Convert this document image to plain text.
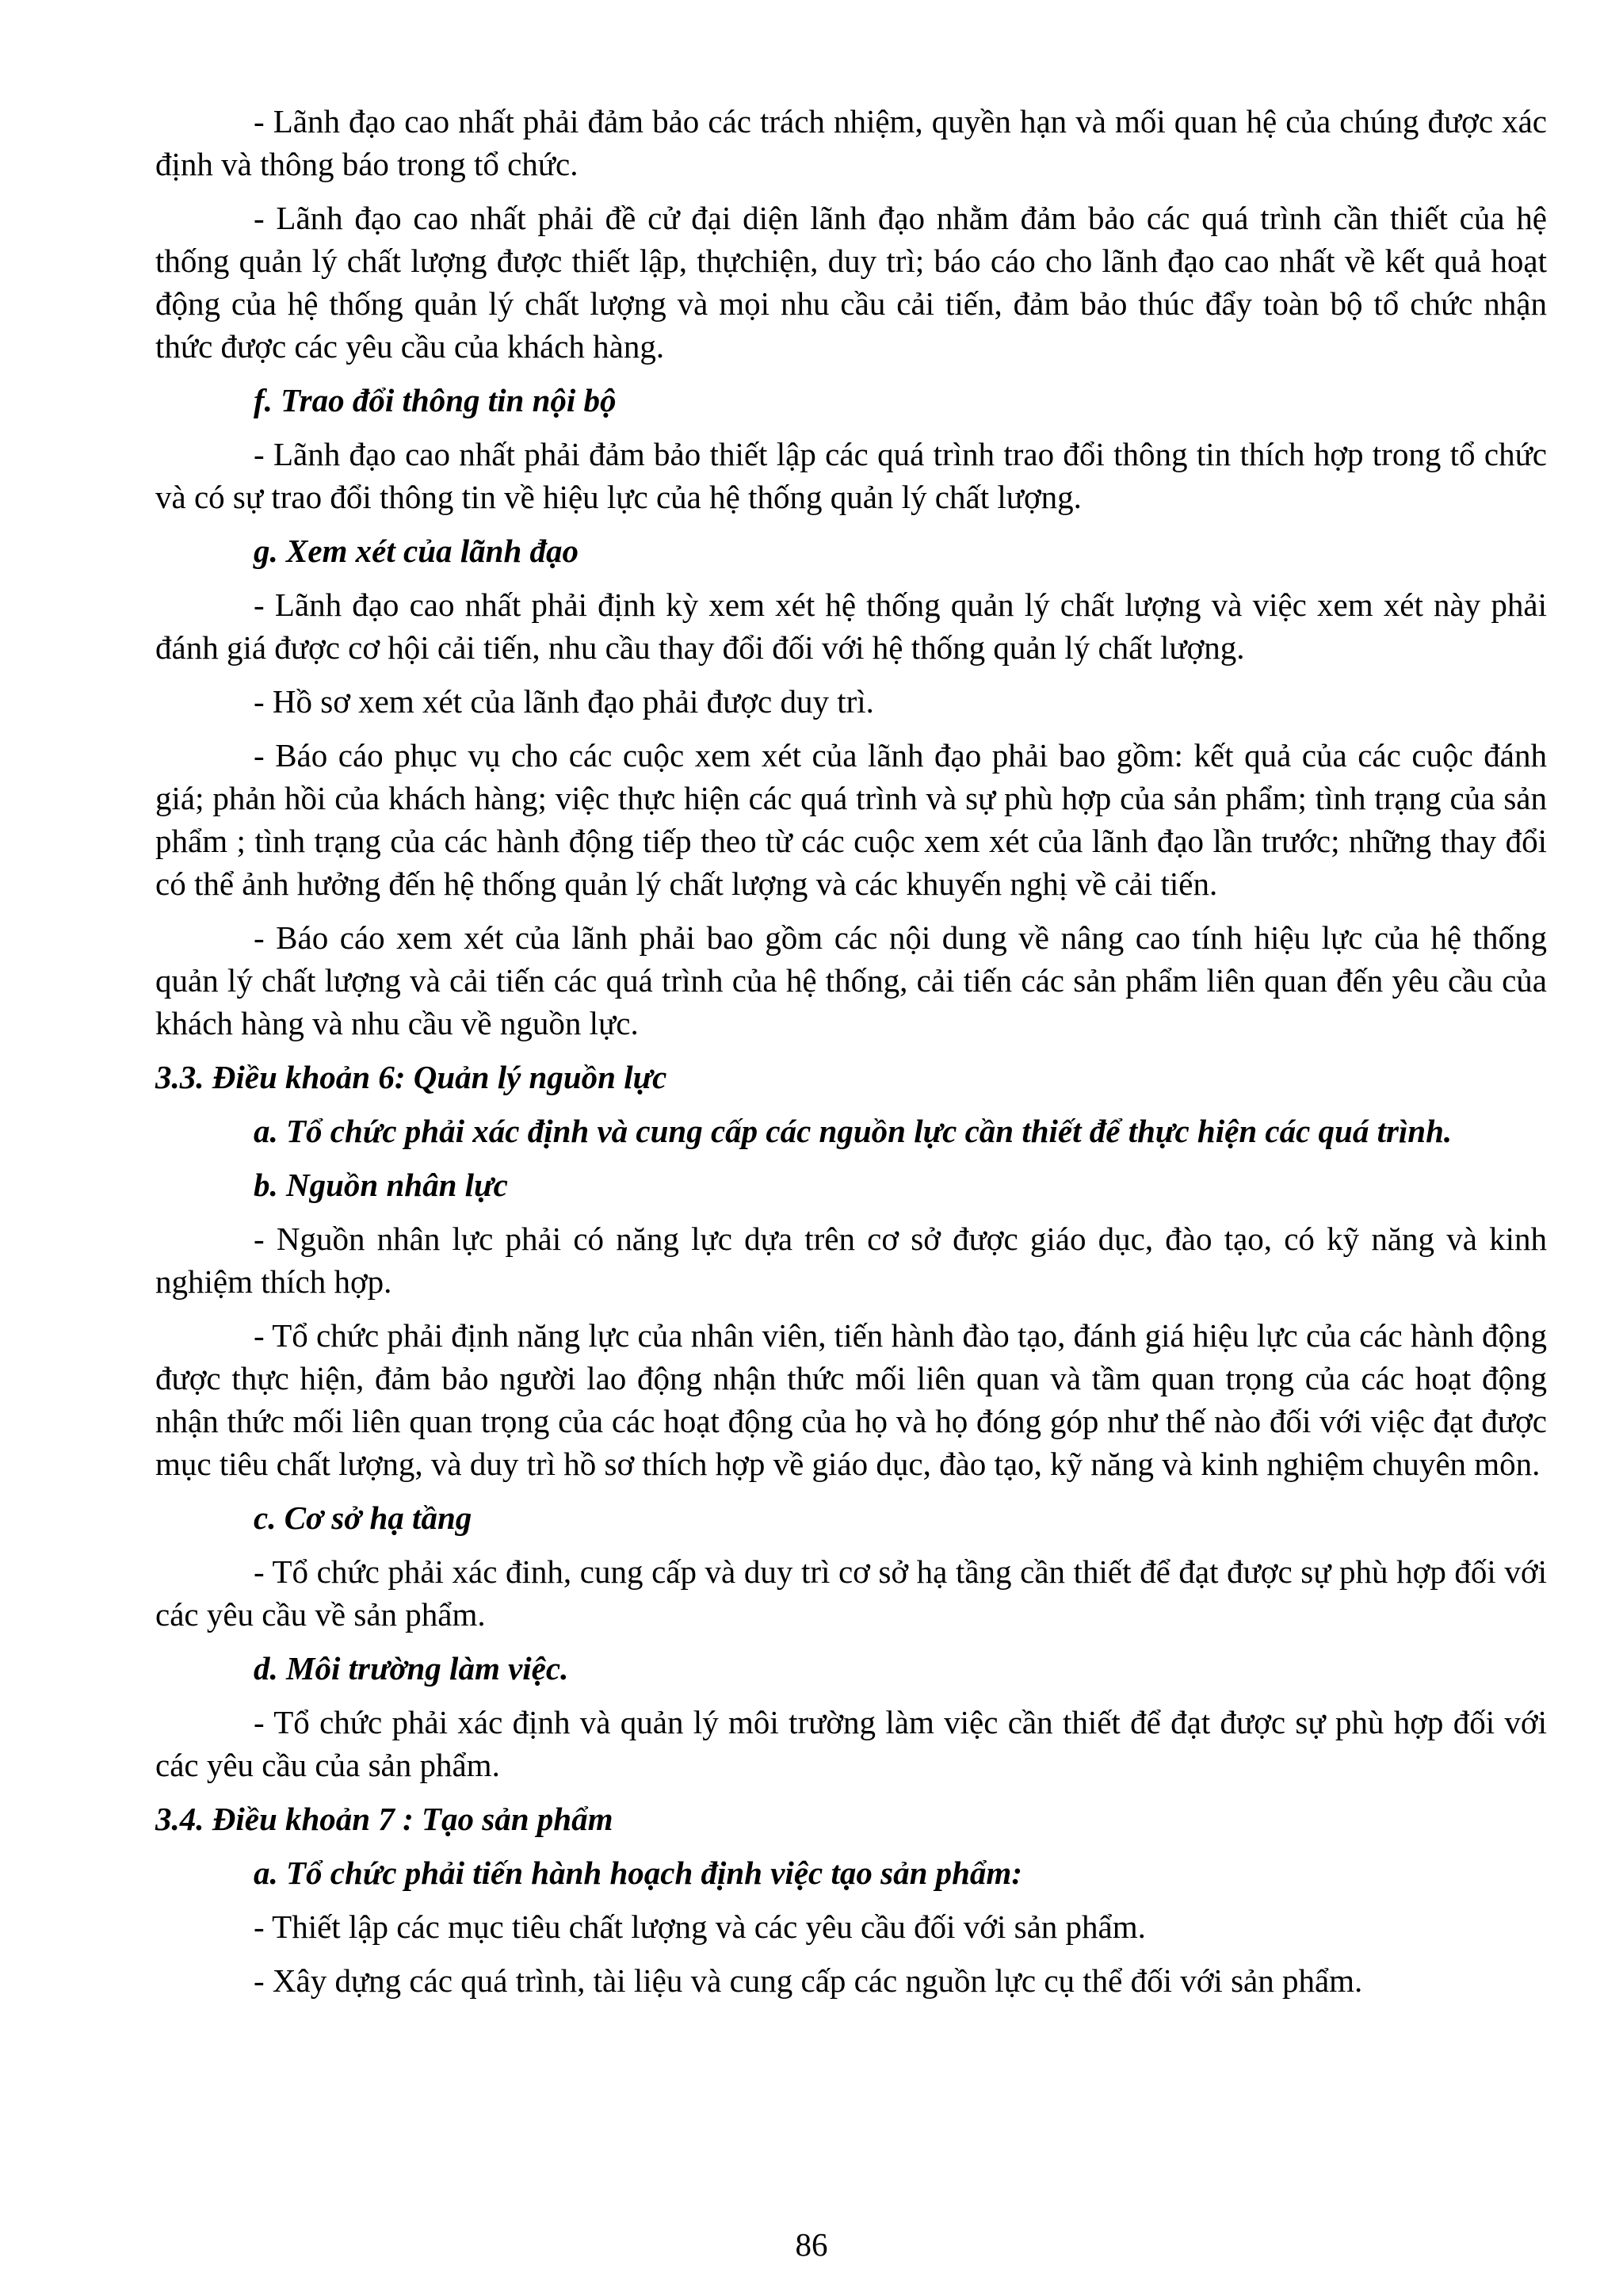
- Lãnh đạo cao nhất phải đảm bảo các trách nhiệm, quyền hạn và mối quan hệ của chúng được xác định và thông báo trong tổ chức.

- Lãnh đạo cao nhất phải đề cử đại diện lãnh đạo nhằm đảm bảo các quá trình cần thiết của hệ thống quản lý chất lượng được thiết lập, thựchiện, duy trì; báo cáo cho lãnh đạo cao nhất về kết quả hoạt động của hệ thống quản lý chất lượng và mọi nhu cầu cải tiến, đảm bảo thúc đẩy toàn bộ tổ chức nhận thức được các yêu cầu của khách hàng.

f. Trao đổi thông tin nội bộ

- Lãnh đạo cao nhất phải đảm bảo thiết lập các quá trình trao đổi thông tin thích hợp trong tổ chức và có sự trao đổi thông tin về hiệu lực của hệ thống quản lý chất lượng.

g. Xem xét của lãnh đạo

- Lãnh đạo cao nhất phải định kỳ xem xét hệ thống quản lý chất lượng và việc xem xét này phải đánh giá được cơ hội cải tiến, nhu cầu thay đổi đối với hệ thống quản lý chất lượng.

- Hồ sơ xem xét của lãnh đạo phải được duy trì.

- Báo cáo phục vụ cho các cuộc xem xét của lãnh đạo phải bao gồm: kết quả của các cuộc đánh giá; phản hồi của khách hàng; việc thực hiện các quá trình và sự phù hợp của sản phẩm; tình trạng của sản phẩm ; tình trạng của các hành động tiếp theo từ các cuộc xem xét của lãnh đạo lần trước; những thay đổi có thể ảnh hưởng đến hệ thống quản lý chất lượng và các khuyến nghị về cải tiến.

- Báo cáo xem xét của lãnh phải bao gồm các nội dung về nâng cao tính hiệu lực của hệ thống quản lý chất lượng và cải tiến các quá trình của hệ thống, cải tiến các sản phẩm liên quan đến yêu cầu của khách hàng và nhu cầu về nguồn lực.

3.3. Điều khoản 6: Quản lý nguồn lực

a. Tổ chức phải xác định và cung cấp các nguồn lực cần thiết để thực hiện các quá trình.

b. Nguồn nhân lực

- Nguồn nhân lực phải có năng lực dựa trên cơ sở được giáo dục, đào tạo, có kỹ năng và kinh nghiệm thích hợp.

- Tổ chức phải định năng lực của nhân viên, tiến hành đào tạo, đánh giá hiệu lực của các hành động được thực hiện, đảm bảo người lao động nhận thức mối liên quan và tầm quan trọng của các hoạt động nhận thức mối liên quan trọng của các hoạt động của họ và họ đóng góp như thế nào đối với việc đạt được mục tiêu chất lượng, và duy trì hồ sơ thích hợp về giáo dục, đào tạo, kỹ năng và kinh nghiệm chuyên môn.

c. Cơ sở hạ tầng

- Tổ chức phải xác đinh, cung cấp và duy trì cơ sở hạ tầng cần thiết để đạt được sự phù hợp đối với các yêu cầu về sản phẩm.

d. Môi trường làm việc.

- Tổ chức phải xác định và quản lý môi trường làm việc cần thiết để đạt được sự phù hợp đối với các yêu cầu của sản phẩm.

3.4. Điều khoản 7 : Tạo sản phẩm

a. Tổ chức phải tiến hành hoạch định việc tạo sản phẩm:

- Thiết lập các mục tiêu chất lượng và các yêu cầu đối với sản phẩm.

- Xây dựng các quá trình, tài liệu và cung cấp các nguồn lực cụ thể đối với sản phẩm.

86
